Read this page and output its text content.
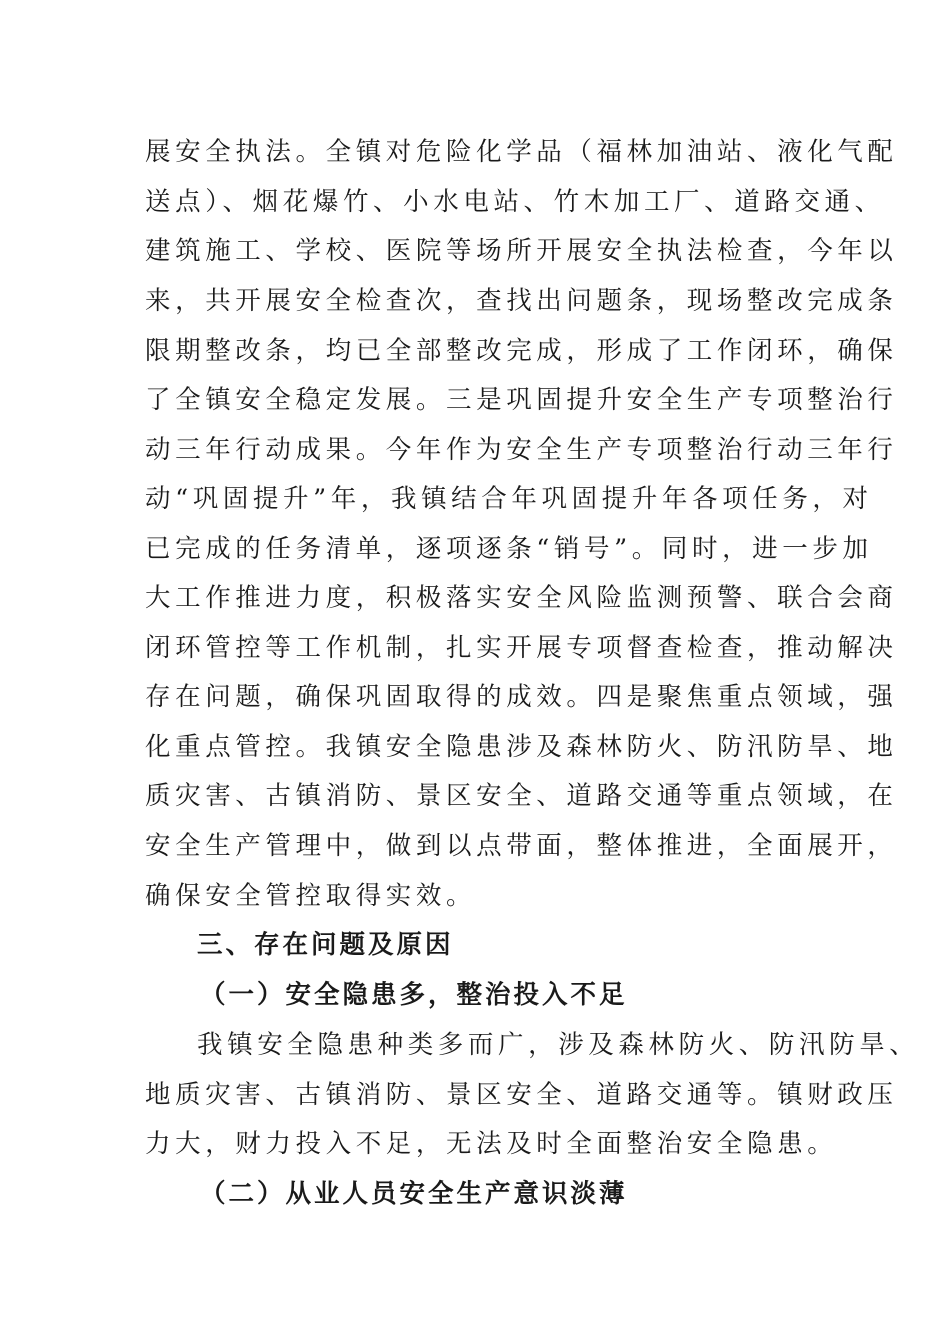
展安全执法。全镇对危险化学品（福林加油站、液化气配
送点）、烟花爆竹、小水电站、竹木加工厂、道路交通、
建筑施工、学校、医院等场所开展安全执法检查，今年以
来，共开展安全检查次，查找出问题条，现场整改完成条
限期整改条，均已全部整改完成，形成了工作闭环，确保
了全镇安全稳定发展。三是巩固提升安全生产专项整治行
动三年行动成果。今年作为安全生产专项整治行动三年行
动“巩固提升”年，我镇结合年巩固提升年各项任务，对
已完成的任务清单，逐项逐条“销号”。同时，进一步加
大工作推进力度，积极落实安全风险监测预警、联合会商
闭环管控等工作机制，扎实开展专项督查检查，推动解决
存在问题，确保巩固取得的成效。四是聚焦重点领域，强
化重点管控。我镇安全隐患涉及森林防火、防汛防旱、地
质灾害、古镇消防、景区安全、道路交通等重点领域，在
安全生产管理中，做到以点带面，整体推进，全面展开，
确保安全管控取得实效。
三、存在问题及原因
（一）安全隐患多，整治投入不足
我镇安全隐患种类多而广，涉及森林防火、防汛防旱、
地质灾害、古镇消防、景区安全、道路交通等。镇财政压
力大，财力投入不足，无法及时全面整治安全隐患。
（二）从业人员安全生产意识淡薄
